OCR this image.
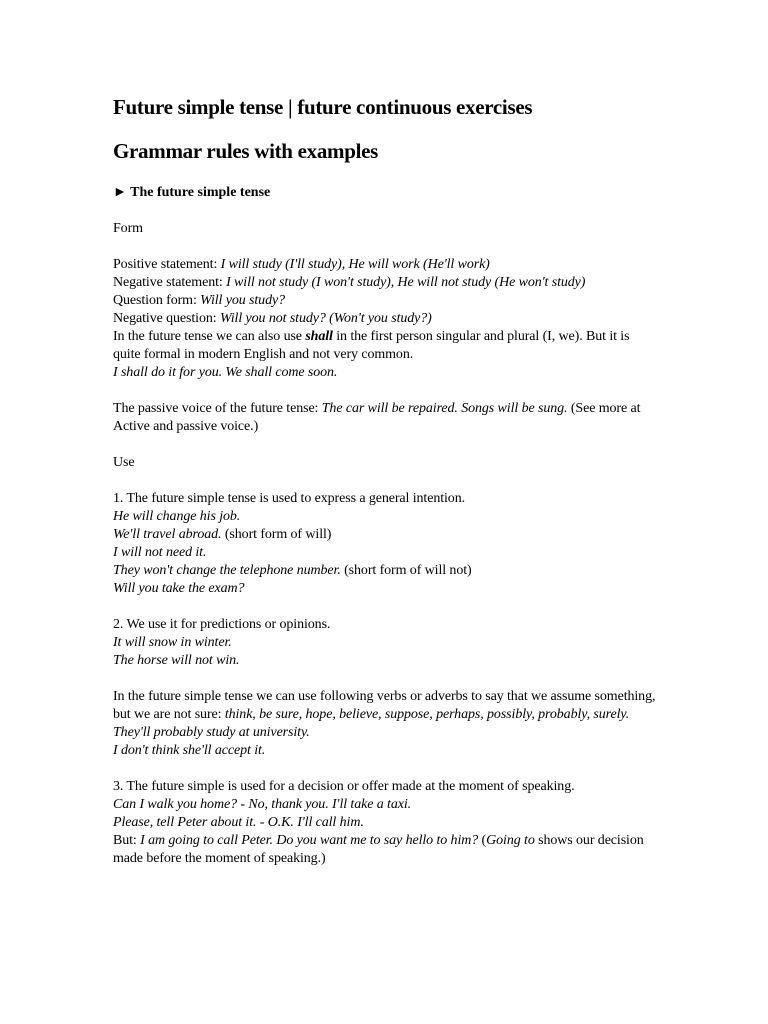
Future simple tense | future continuous exercises
Grammar rules with examples

► The future simple tense

Form

Positive statement: I will study (I'll study), He will work (He'll work)

Negative statement: I will not study (I won't study), He will not study (He won't study)

Question form: Will you study?

Negative question: Will you not study? (Won't you study?)

In the future tense we can also use shall in the first person singular and plural (I, we). But it is quite formal in modern English and not very common.

I shall do it for you. We shall come soon.

The passive voice of the future tense: The car will be repaired. Songs will be sung. (See more at Active and passive voice.)

Use

1. The future simple tense is used to express a general intention.

He will change his job.

We'll travel abroad. (short form of will)

I will not need it.

They won't change the telephone number. (short form of will not)

Will you take the exam?

2. We use it for predictions or opinions.

It will snow in winter.

The horse will not win.

In the future simple tense we can use following verbs or adverbs to say that we assume something, but we are not sure: think, be sure, hope, believe, suppose, perhaps, possibly, probably, surely.

They'll probably study at university.

I don't think she'll accept it.

3. The future simple is used for a decision or offer made at the moment of speaking.

Can I walk you home? - No, thank you. I'll take a taxi.

Please, tell Peter about it. - O.K. I'll call him.

But: I am going to call Peter. Do you want me to say hello to him? (Going to shows our decision made before the moment of speaking.)
